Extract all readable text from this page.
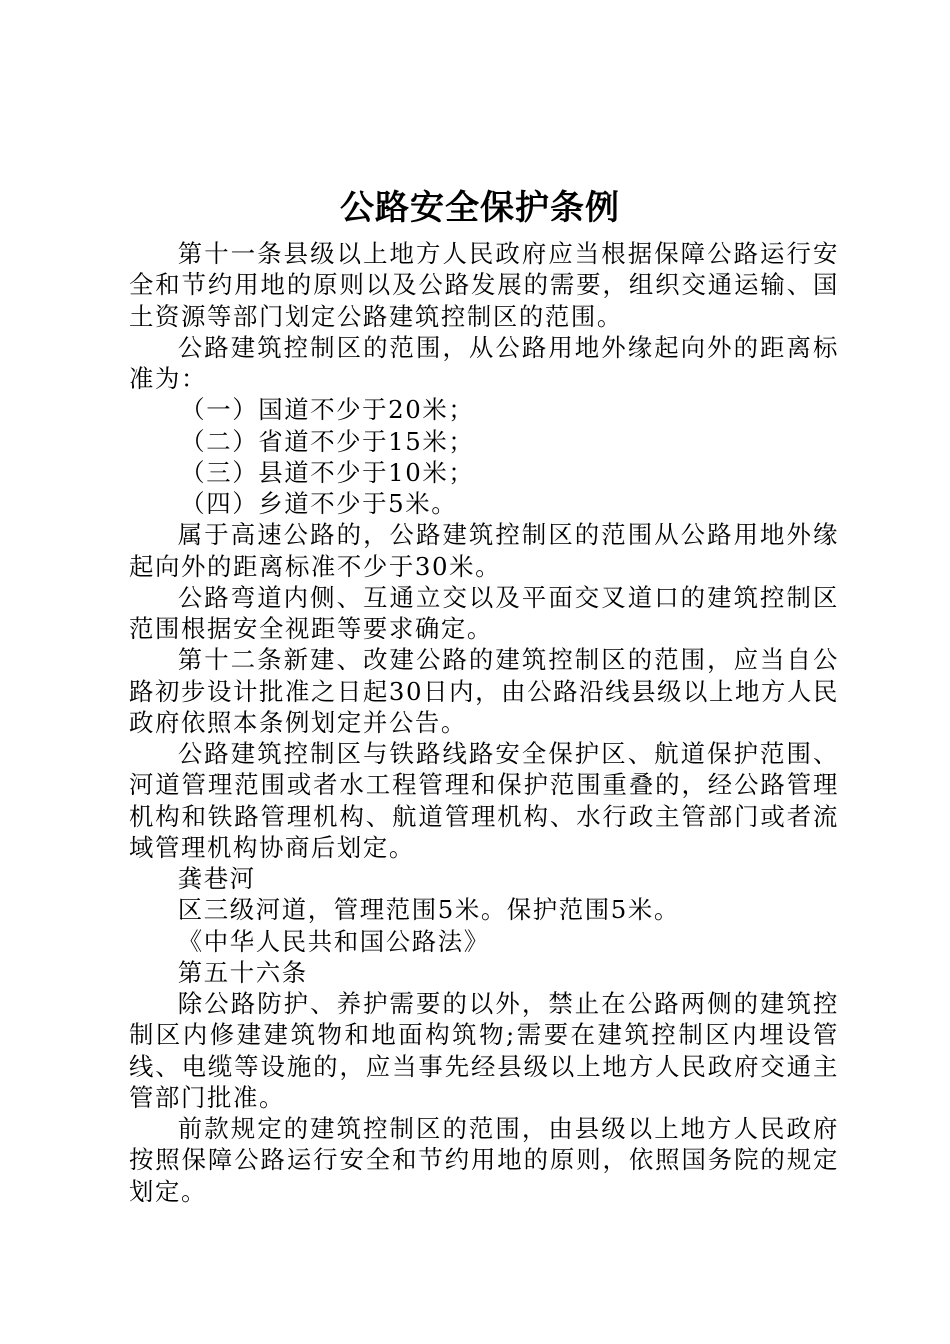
公路安全保护条例

第十一条县级以上地方人民政府应当根据保障公路运行安全和节约用地的原则以及公路发展的需要，组织交通运输、国土资源等部门划定公路建筑控制区的范围。

公路建筑控制区的范围，从公路用地外缘起向外的距离标准为：

（一）国道不少于20米；

（二）省道不少于15米；

（三）县道不少于10米；

（四）乡道不少于5米。

属于高速公路的，公路建筑控制区的范围从公路用地外缘起向外的距离标准不少于30米。

公路弯道内侧、互通立交以及平面交叉道口的建筑控制区范围根据安全视距等要求确定。

第十二条新建、改建公路的建筑控制区的范围，应当自公路初步设计批准之日起30日内，由公路沿线县级以上地方人民政府依照本条例划定并公告。

公路建筑控制区与铁路线路安全保护区、航道保护范围、河道管理范围或者水工程管理和保护范围重叠的，经公路管理机构和铁路管理机构、航道管理机构、水行政主管部门或者流域管理机构协商后划定。

龚巷河

区三级河道，管理范围5米。保护范围5米。

《中华人民共和国公路法》

第五十六条

除公路防护、养护需要的以外，禁止在公路两侧的建筑控制区内修建建筑物和地面构筑物;需要在建筑控制区内埋设管线、电缆等设施的，应当事先经县级以上地方人民政府交通主管部门批准。

前款规定的建筑控制区的范围，由县级以上地方人民政府按照保障公路运行安全和节约用地的原则，依照国务院的规定划定。
